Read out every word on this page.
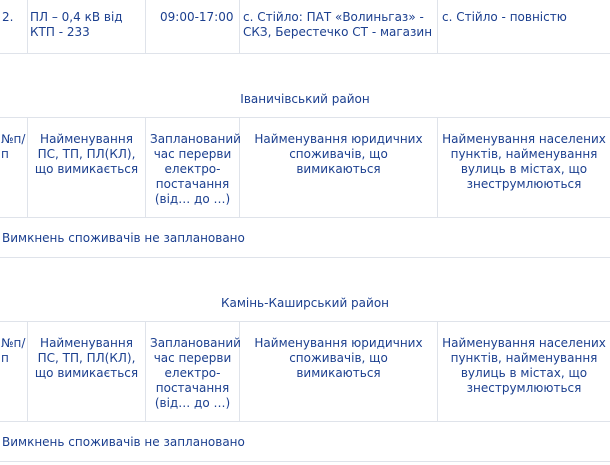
2.	ПЛ – 0,4 кВ від КТП - 233
09:00-17:00 с. Стійло: ПАТ «Волиньгаз» - СКЗ, Берестечко СТ - магазин
с. Стійло - повністю
Іваничівський район
№п/п
Найменування ПС, ТП, ПЛ(КЛ), що вимикається
Запланований час перерви електро-постачання (від… до …)
Найменування юридичних споживачів, що вимикаються
Найменування населених пунктів, найменування вулиць в містах, що знеструмлюються
Вимкнень споживачів не заплановано
Камінь-Каширський район
№п/п
Найменування ПС, ТП, ПЛ(КЛ), що вимикається
Запланований час перерви електро-постачання (від… до …)
Найменування юридичних споживачів, що вимикаються
Найменування населених пунктів, найменування вулиць в містах, що знеструмлюються
Вимкнень споживачів не заплановано
